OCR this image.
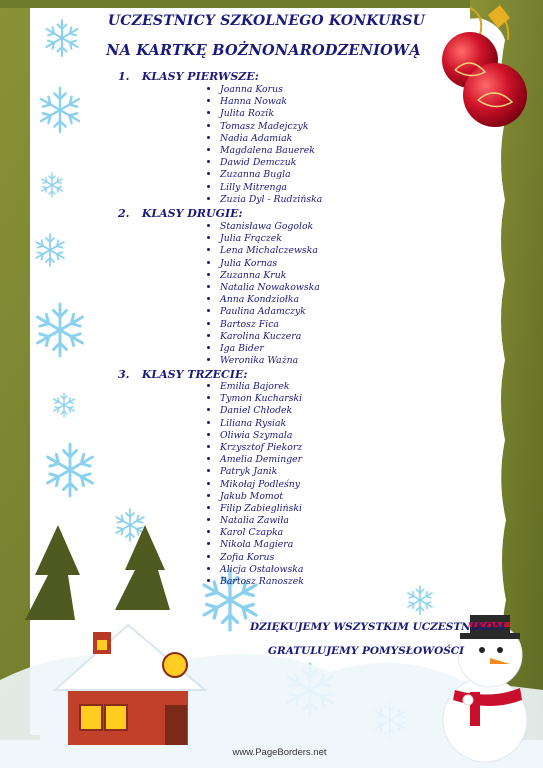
UCZESTNICY SZKOLNEGO KONKURSU
NA KARTKĘ BOŻNONARODZENIOWĄ
1. KLASY PIERWSZE:
Joanna Korus
Hanna Nowak
Julita Rozik
Tomasz Madejczyk
Nadia Adamiak
Magdalena Bauerek
Dawid Demczuk
Zuzanna Bugla
Lilly Mitrenga
Zuzia Dyl - Rudzińska
2. KLASY DRUGIE:
Stanisława Gogolok
Julia Frączek
Lena Michalczewska
Julia Kornas
Zuzanna Kruk
Natalia Nowakowska
Anna Kondziołka
Paulina Adamczyk
Bartosz Fica
Karolina Kuczera
Iga Bider
Weronika Ważna
3. KLASY TRZECIE:
Emilia Bajorek
Tymon Kucharski
Daniel Chłodek
Liliana Rysiak
Oliwia Szymala
Krzysztof Piekorz
Amelia Deminger
Patryk Janik
Mikołaj Podleśny
Jakub Momot
Filip Zabiegliński
Natalia Zawiła
Karol Czapka
Nikola Magiera
Zofia Korus
Alicja Ostałowska
Bartosz Ranoszek
DZIĘKUJEMY WSZYSTKIM UCZESTNIKOM
GRATULUJEMY POMYSŁOWOŚCI
www.PageBorders.net
